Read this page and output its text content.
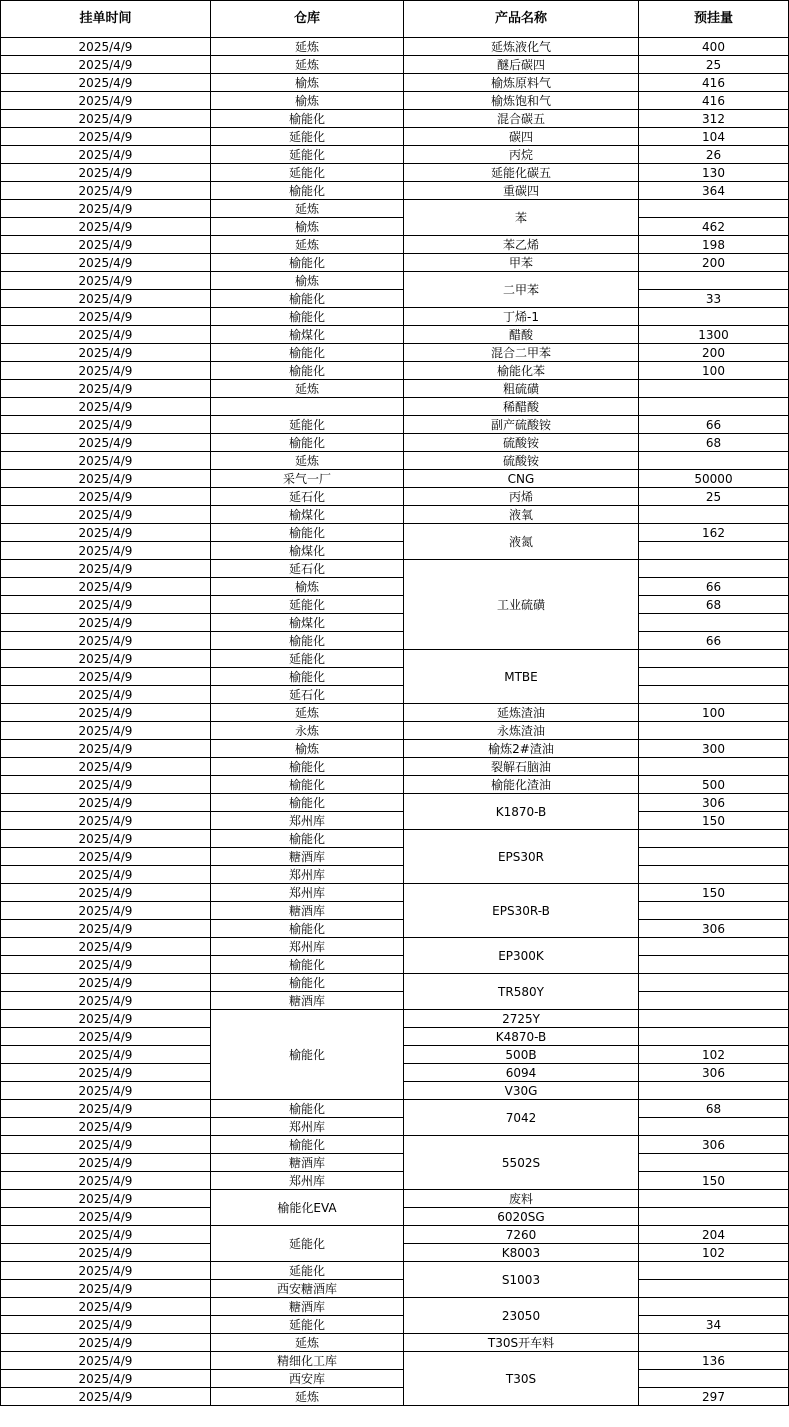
挂单时间	仓库	产品名称	预挂量
2025/4/9	延炼	延炼液化气	400
2025/4/9	延炼	醚后碳四	25
2025/4/9	榆炼	榆炼原料气	416
2025/4/9	榆炼	榆炼饱和气	416
2025/4/9	榆能化	混合碳五	312
2025/4/9	延能化	碳四	104
2025/4/9	延能化	丙烷	26
2025/4/9	延能化	延能化碳五	130
2025/4/9	榆能化	重碳四	364
2025/4/9	延炼	苯	
2025/4/9	榆炼		462
2025/4/9	延炼	苯乙烯	198
2025/4/9	榆能化	甲苯	200
2025/4/9	榆炼	二甲苯	
2025/4/9	榆能化		33
2025/4/9	榆能化	丁烯-1	
2025/4/9	榆煤化	醋酸	1300
2025/4/9	榆能化	混合二甲苯	200
2025/4/9	榆能化	榆能化苯	100
2025/4/9	延炼	粗硫磺	
2025/4/9		稀醋酸	
2025/4/9	延能化	副产硫酸铵	66
2025/4/9	榆能化	硫酸铵	68
2025/4/9	延炼	硫酸铵	
2025/4/9	采气一厂	CNG	50000
2025/4/9	延石化	丙烯	25
2025/4/9	榆煤化	液氧	
2025/4/9	榆能化	液氮	162
2025/4/9	榆煤化		
2025/4/9	延石化	工业硫磺	
2025/4/9	榆炼		66
2025/4/9	延能化		68
2025/4/9	榆煤化		
2025/4/9	榆能化		66
2025/4/9	延能化	MTBE	
2025/4/9	榆能化		
2025/4/9	延石化		
2025/4/9	延炼	延炼渣油	100
2025/4/9	永炼	永炼渣油	
2025/4/9	榆炼	榆炼2#渣油	300
2025/4/9	榆能化	裂解石脑油	
2025/4/9	榆能化	榆能化渣油	500
2025/4/9	榆能化	K1870-B	306
2025/4/9	郑州库		150
2025/4/9	榆能化	EPS30R	
2025/4/9	糖酒库		
2025/4/9	郑州库		
2025/4/9	郑州库	EPS30R-B	150
2025/4/9	糖酒库		
2025/4/9	榆能化		306
2025/4/9	郑州库	EP300K	
2025/4/9	榆能化		
2025/4/9	榆能化	TR580Y	
2025/4/9	糖酒库		
2025/4/9	榆能化	2725Y	
2025/4/9		K4870-B	
2025/4/9		500B	102
2025/4/9		6094	306
2025/4/9		V30G	
2025/4/9	榆能化	7042	68
2025/4/9	郑州库		
2025/4/9	榆能化	5502S	306
2025/4/9	糖酒库		
2025/4/9	郑州库		150
2025/4/9	榆能化EVA	废料	
2025/4/9		6020SG	
2025/4/9	延能化	7260	204
2025/4/9		K8003	102
2025/4/9	延能化	S1003	
2025/4/9	西安糖酒库		
2025/4/9	糖酒库	23050	
2025/4/9	延能化		34
2025/4/9	延炼	T30S开车料	
2025/4/9	精细化工库	T30S	136
2025/4/9	西安库		
2025/4/9	延炼		297
